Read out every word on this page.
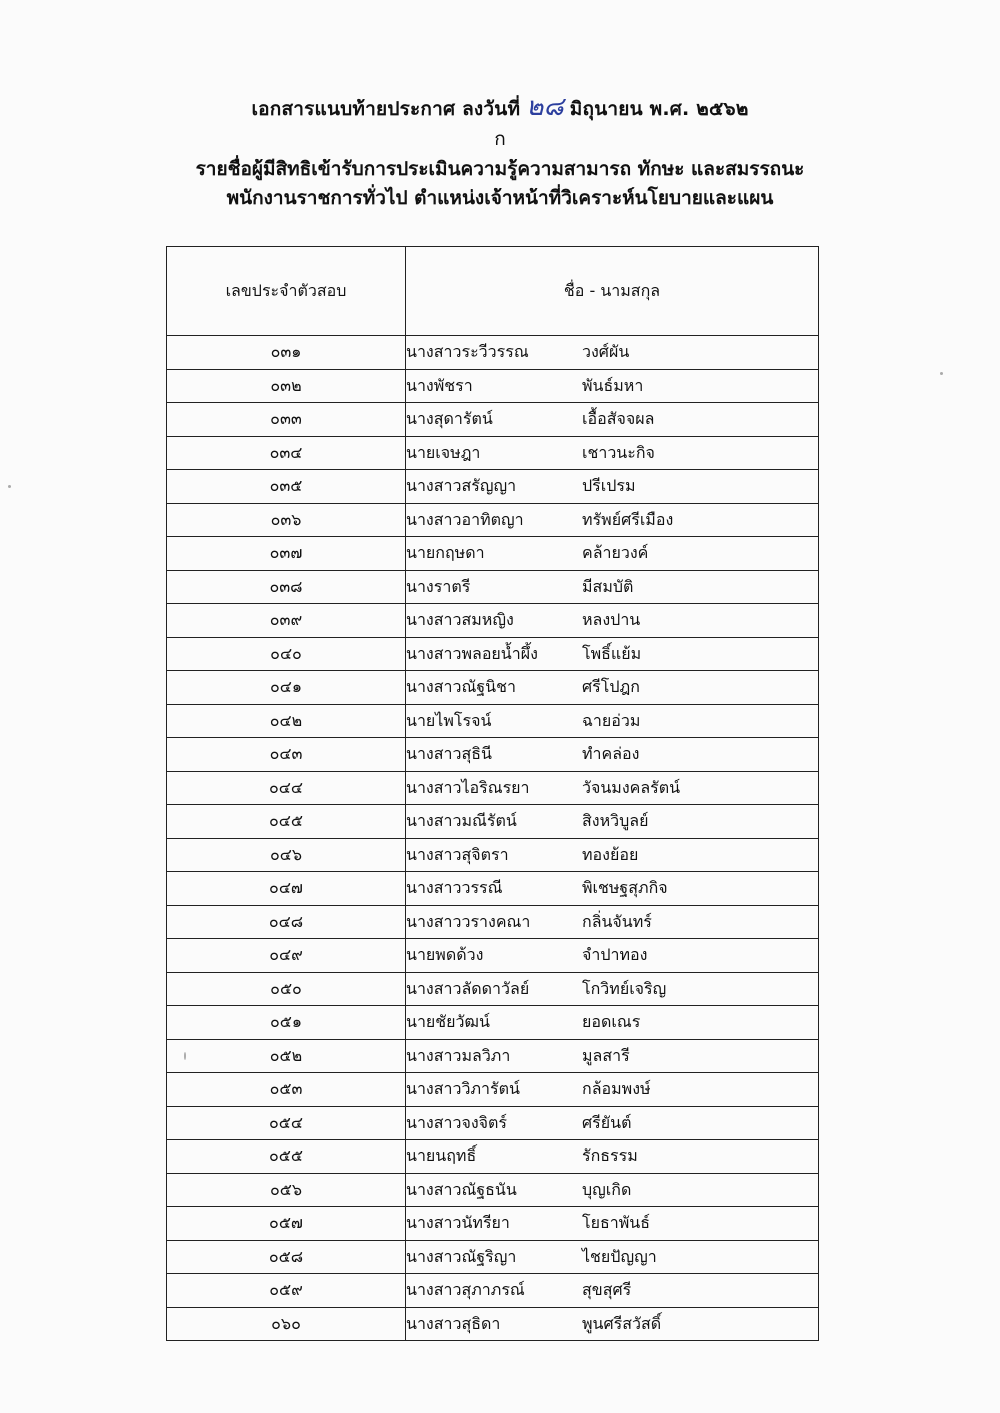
เอกสารแนบท้ายประกาศ ลงวันที่ ๒๘ มิถุนายน พ.ศ. ๒๕๖๒
ก
รายชื่อผู้มีสิทธิเข้ารับการประเมินความรู้ความสามารถ ทักษะ และสมรรถนะ
พนักงานราชการทั่วไป ตำแหน่งเจ้าหน้าที่วิเคราะห์นโยบายและแผน
เลขประจำตัวสอบ	ชื่อ - นามสกุล
๐๓๑	นางสาวระวีวรรณ วงศ์ผัน
๐๓๒	นางพัชรา พันธ์มหา
๐๓๓	นางสุดารัตน์ เอื้อสัจจผล
๐๓๔	นายเจษฎา เชาวนะกิจ
๐๓๕	นางสาวสรัญญา ปรีเปรม
๐๓๖	นางสาวอาทิตญา ทรัพย์ศรีเมือง
๐๓๗	นายกฤษดา คล้ายวงค์
๐๓๘	นางราตรี มีสมบัติ
๐๓๙	นางสาวสมหญิง หลงปาน
๐๔๐	นางสาวพลอยน้ำผึ้ง โพธิ์แย้ม
๐๔๑	นางสาวณัฐนิชา ศรีโปฎก
๐๔๒	นายไพโรจน์ ฉายอ่วม
๐๔๓	นางสาวสุธินี ทำคล่อง
๐๔๔	นางสาวไอริณรยา วัจนมงคลรัตน์
๐๔๕	นางสาวมณีรัตน์ สิงหวิบูลย์
๐๔๖	นางสาวสุจิตรา ทองย้อย
๐๔๗	นางสาววรรณี พิเชษฐสุภกิจ
๐๔๘	นางสาววรางคณา กลิ่นจันทร์
๐๔๙	นายพดด้วง จำปาทอง
๐๕๐	นางสาวลัดดาวัลย์ โกวิทย์เจริญ
๐๕๑	นายชัยวัฒน์ ยอดเณร
๐๕๒	นางสาวมลวิภา มูลสารี
๐๕๓	นางสาววิภารัตน์ กล้อมพงษ์
๐๕๔	นางสาวจงจิตร์ ศรียันต์
๐๕๕	นายนฤทธิ์ รักธรรม
๐๕๖	นางสาวณัฐธนัน บุญเกิด
๐๕๗	นางสาวนัทรียา โยธาพันธ์
๐๕๘	นางสาวณัฐริญา ไชยปัญญา
๐๕๙	นางสาวสุภาภรณ์ สุขสุศรี
๐๖๐	นางสาวสุธิดา พูนศรีสวัสดิ์
